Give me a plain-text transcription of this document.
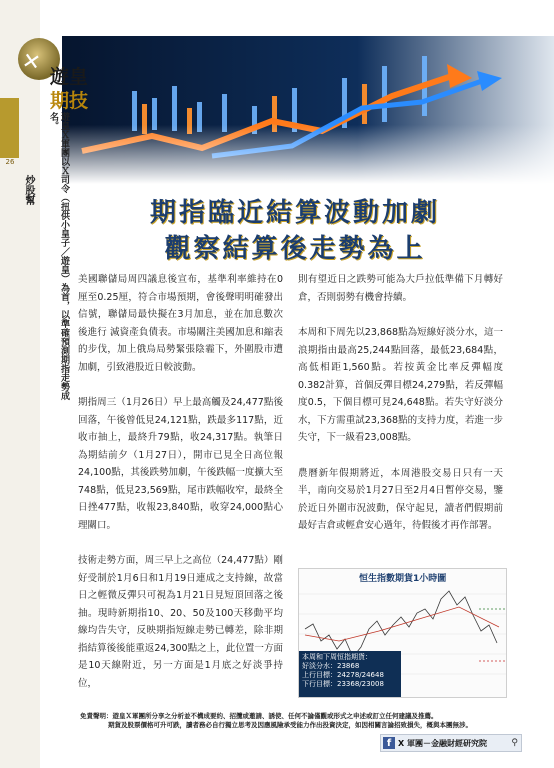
26
炒股幫
✕
遊皇
期技
遊皇Ｘ軍團以Ｘ司令（扭供小皇子／遊皇）為首，以準確預測期指走勢成名。
期指臨近結算波動加劇
觀察結算後走勢為上

美國聯儲局周四議息後宣布，基準利率維持在0厘至0.25厘，符合市場預期，會後聲明明確發出信號，聯儲局最快擬在3月加息，並在加息數次後進行 減資產負債表。市場關注美國加息和縮表的步伐，加上俄烏局勢緊張陰霾下，外圍股市遭加劇，引致港股近日較波動。

期指周三（1月26日）早上最高觸及24,477點後回落，午後曾低見24,121點，跌最多117點，近收市抽上，最終升79點，收24,317點。執筆日為期結前夕（1月27日），開市已見全日高位報24,100點，其後跌勢加劇，午後跌幅一度擴大至748點，低見23,569點，尾市跌幅收窄，最終全日挫477點，收報23,840點，收穿24,000點心理關口。

技術走勢方面，周三早上之高位（24,477點）剛好受制於1月6日和1月19日連成之支持線，故當日之輕微反彈只可視為1月21日見短頂回落之後抽。現時新期指10、20、50及100天移動平均線均告失守，反映期指短線走勢已轉差，除非期指結算後後能重返24,300點之上，此位置一方面是10天線附近，另一方面是1月底之好淡爭持位，

則有望近日之跌勢可能為大戶拉低準備下月轉好倉，否則弱勢有機會持續。

本周和下周先以23,868點為短線好淡分水，這一浪期指由最高25,244點回落，最低23,684點，高低相距1,560點。若按黃金比率反彈幅度0.382計算，首個反彈目標24,279點，若反彈幅度0.5，下個目標可見24,648點。若失守好淡分水，下方需重試23,368點的支持力度，若進一步失守，下一級看23,008點。

農曆新年假期將近，本周港股交易日只有一天半，南向交易於1月27日至2月4日暫停交易，鑒於近日外圍市況波動，保守起見，讀者們假期前最好吉倉或輕倉安心過年，待假後才再作部署。

恒生指數期貨1小時圖
本周和下周恒指期貨：
好淡分水：23868
上行目標：24278/24648
下行目標：23368/23008
免責聲明：遊皇Ｘ軍團所分享之分析並不構成要約、招攬或邀請、誘使、任何不論僅觀或形式之申述或訂立任何建議及推薦。
期貨及股票價格可升可跌，讀者務必自行獨立思考及因應風險承受能力作出投資決定，如因相關言論招致損失，概與本團無涉。
f X 軍團－金融財經研究院	⚲
